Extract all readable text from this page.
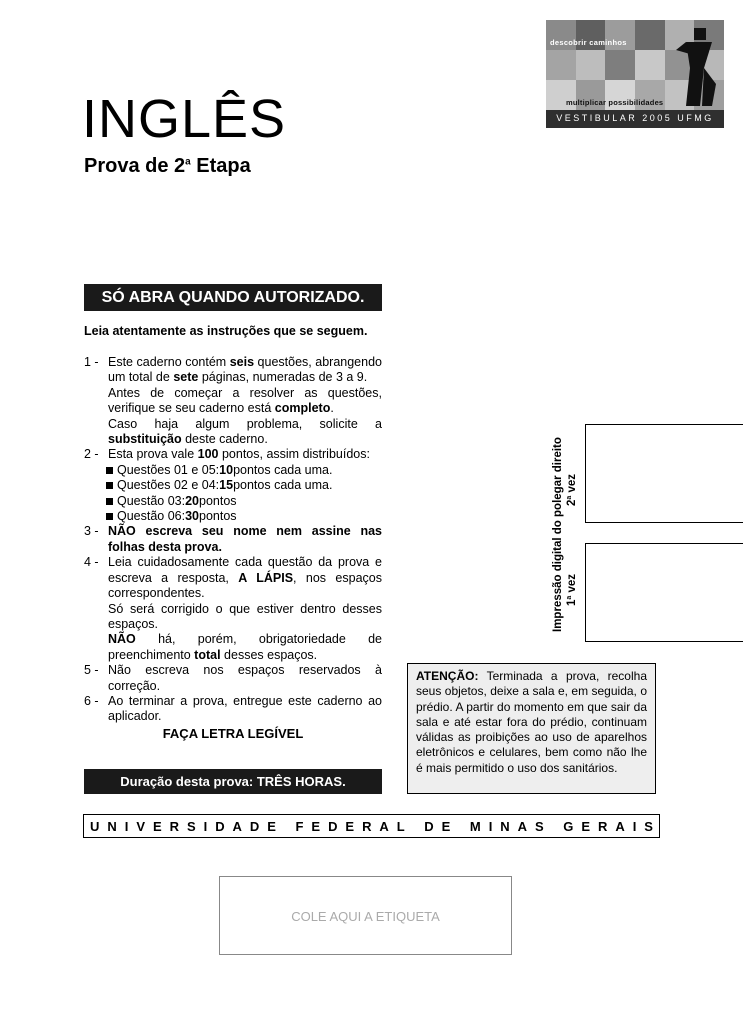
descobrir caminhos
multiplicar possibilidades
VESTIBULAR 2005 UFMG
INGLÊS
Prova de 2$^a$ Etapa
SÓ ABRA QUANDO AUTORIZADO.
Leia atentamente as instruções que se seguem.
1 - Este caderno contém seis questões, abrangendo um total de sete páginas, numeradas de 3 a 9.
Antes de começar a resolver as questões, verifique se seu caderno está completo.
Caso haja algum problema, solicite a substituição deste caderno.
2 - Esta prova vale 100 pontos, assim distribuídos:
Questões 01 e 05: 10 pontos cada uma.
Questões 02 e 04: 15 pontos cada uma.
Questão 03: 20 pontos
Questão 06: 30 pontos
3 - NÃO escreva seu nome nem assine nas folhas desta prova.
4 - Leia cuidadosamente cada questão da prova e escreva a resposta, A LÁPIS, nos espaços correspondentes.
Só será corrigido o que estiver dentro desses espaços.
NÃO há, porém, obrigatoriedade de preenchimento total desses espaços.
5 - Não escreva nos espaços reservados à correção.
6 - Ao terminar a prova, entregue este caderno ao aplicador.
FAÇA LETRA LEGÍVEL
Duração desta prova: TRÊS HORAS.
ATENÇÃO: Terminada a prova, recolha seus objetos, deixe a sala e, em seguida, o prédio. A partir do momento em que sair da sala e até estar fora do prédio, continuam válidas as proibições ao uso de aparelhos eletrônicos e celulares, bem como não lhe é mais permitido o uso dos sanitários.
Impressão digital do polegar direito 2$^a$ vez
1$^a$ vez
U N I V E R S I D A D E
F E D E R A L
D E
M I N A S
G E R A I S
COLE AQUI A ETIQUETA
